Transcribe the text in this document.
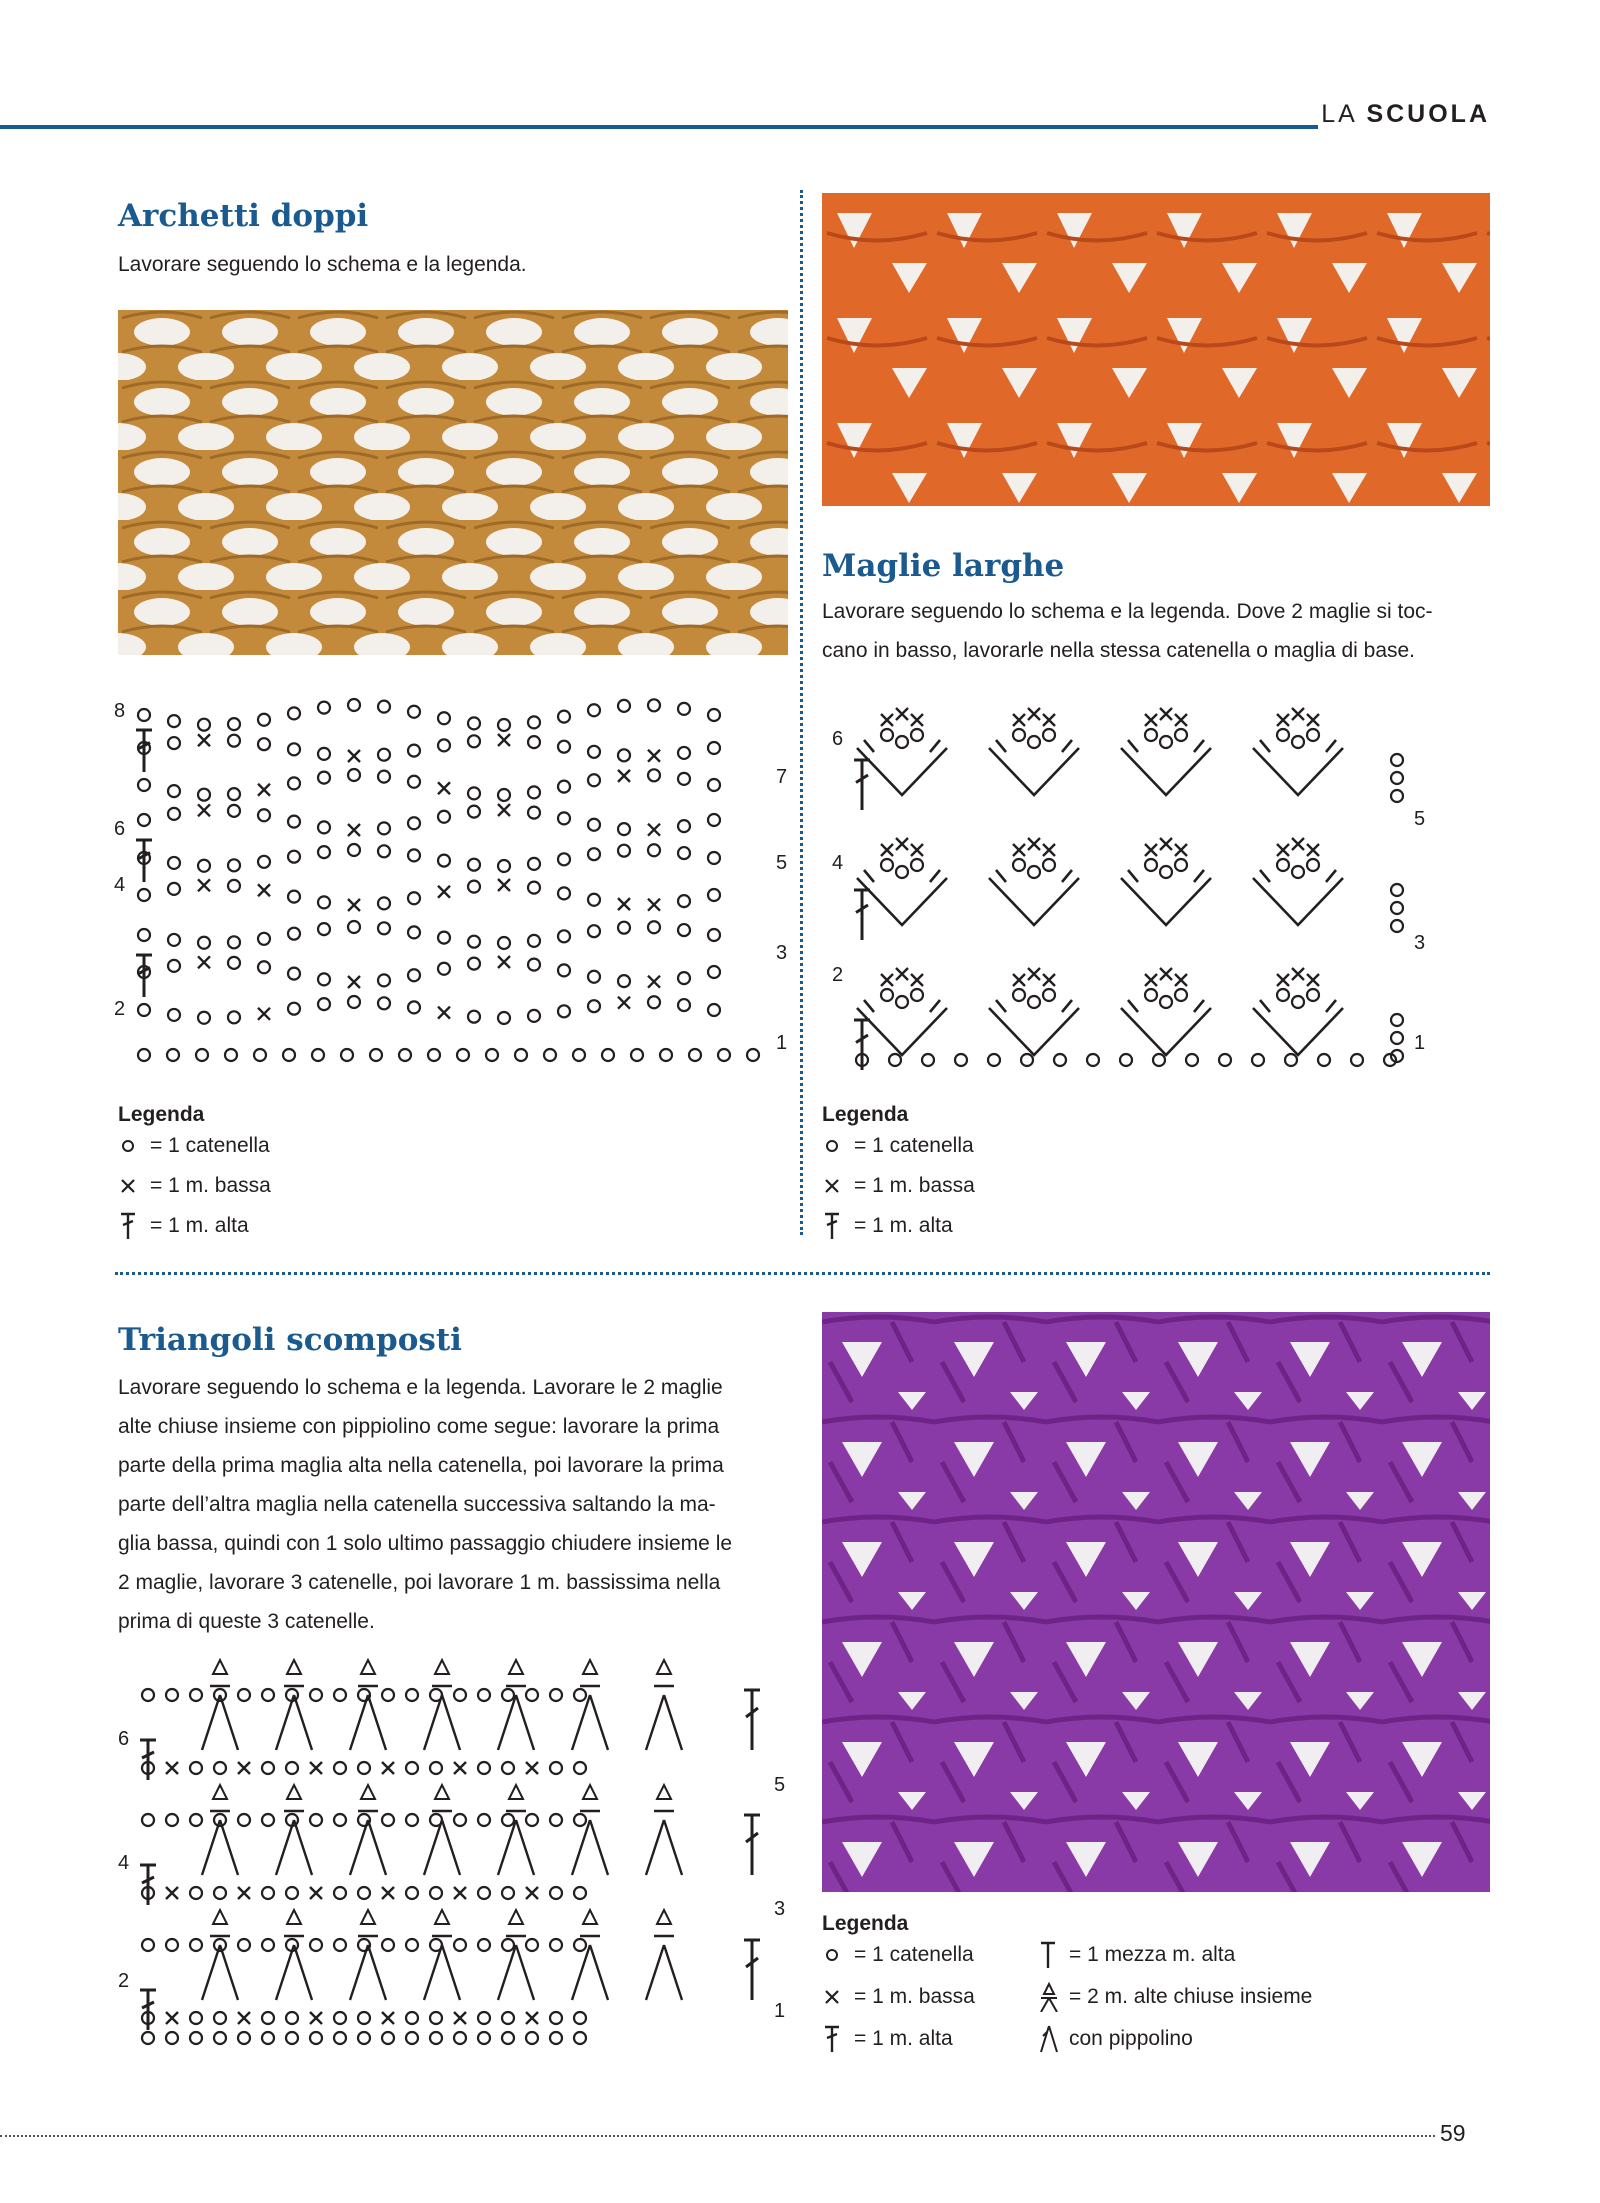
LA SCUOLA
Archetti doppi
Lavorare seguendo lo schema e la legenda.
8
6
4
2
7
5
3
1
Legenda
= 1 catenella
= 1 m. bassa
= 1 m. alta
Maglie larghe
Lavorare seguendo lo schema e la legenda. Dove 2 maglie si toc-
cano in basso, lavorarle nella stessa catenella o maglia di base.
6
4
2
5
3
1
Legenda
= 1 catenella
= 1 m. bassa
= 1 m. alta
Triangoli scomposti
Lavorare seguendo lo schema e la legenda. Lavorare le 2 maglie
alte chiuse insieme con pippiolino come segue: lavorare la prima
parte della prima maglia alta nella catenella, poi lavorare la prima
parte dell’altra maglia nella catenella successiva saltando la ma-
glia bassa, quindi con 1 solo ultimo passaggio chiudere insieme le
2 maglie, lavorare 3 catenelle, poi lavorare 1 m. bassissima nella
prima di queste 3 catenelle.
6
4
2
5
3
1
Legenda
= 1 catenella
= 1 m. bassa
= 1 m. alta
= 1 mezza m. alta
= 2 m. alte chiuse insieme
con pippolino
59
